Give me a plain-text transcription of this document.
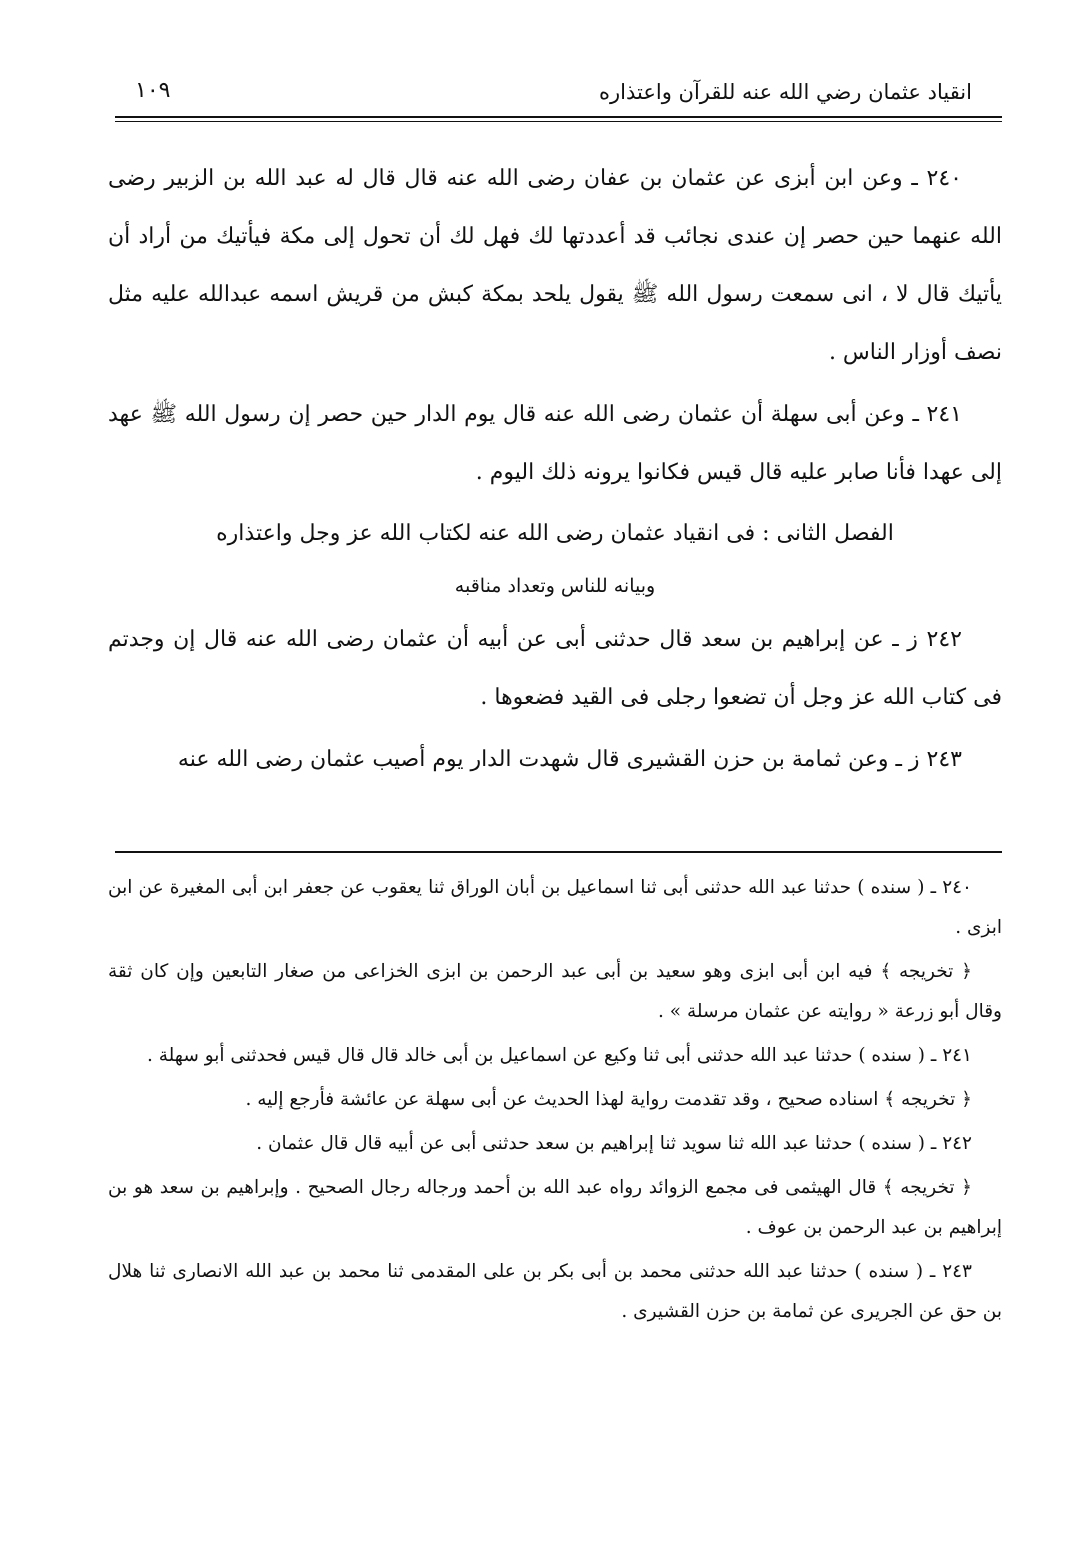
انقياد عثمان رضي الله عنه للقرآن واعتذاره
١٠٩

٢٤٠ ـ وعن ابن أبزى عن عثمان بن عفان رضى الله عنه قال قال له عبد الله بن الزبير رضى الله عنهما حين حصر إن عندى نجائب قد أعددتها لك فهل لك أن تحول إلى مكة فيأتيك من أراد أن يأتيك قال لا ، انى سمعت رسول الله ﷺ يقول يلحد بمكة كبش من قريش اسمه عبدالله عليه مثل نصف أوزار الناس .

٢٤١ ـ وعن أبى سهلة أن عثمان رضى الله عنه قال يوم الدار حين حصر إن رسول الله ﷺ عهد إلى عهدا فأنا صابر عليه قال قيس فكانوا يرونه ذلك اليوم .

الفصل الثانى : فى انقياد عثمان رضى الله عنه لكتاب الله عز وجل واعتذاره

وبيانه للناس وتعداد مناقبه

٢٤٢ ز ـ عن إبراهيم بن سعد قال حدثنى أبى عن أبيه أن عثمان رضى الله عنه قال إن وجدتم فى كتاب الله عز وجل أن تضعوا رجلى فى القيد فضعوها .

٢٤٣ ز ـ وعن ثمامة بن حزن القشيرى قال شهدت الدار يوم أصيب عثمان رضى الله عنه

٢٤٠ ـ ( سنده ) حدثنا عبد الله حدثنى أبى ثنا اسماعيل بن أبان الوراق ثنا يعقوب عن جعفر ابن أبى المغيرة عن ابن ابزى .

﴿ تخريجه ﴾ فيه ابن أبى ابزى وهو سعيد بن أبى عبد الرحمن بن ابزى الخزاعى من صغار التابعين وإن كان ثقة وقال أبو زرعة « روايته عن عثمان مرسلة » .

٢٤١ ـ ( سنده ) حدثنا عبد الله حدثنى أبى ثنا وكيع عن اسماعيل بن أبى خالد قال قال قيس فحدثنى أبو سهلة .

﴿ تخريجه ﴾ اسناده صحيح ، وقد تقدمت رواية لهذا الحديث عن أبى سهلة عن عائشة فأرجع إليه .

٢٤٢ ـ ( سنده ) حدثنا عبد الله ثنا سويد ثنا إبراهيم بن سعد حدثنى أبى عن أبيه قال قال عثمان .

﴿ تخريجه ﴾ قال الهيثمى فى مجمع الزوائد رواه عبد الله بن أحمد ورجاله رجال الصحيح . وإبراهيم بن سعد هو بن إبراهيم بن عبد الرحمن بن عوف .

٢٤٣ ـ ( سنده ) حدثنا عبد الله حدثنى محمد بن أبى بكر بن على المقدمى ثنا محمد بن عبد الله الانصارى ثنا هلال بن حق عن الجريرى عن ثمامة بن حزن القشيرى .
